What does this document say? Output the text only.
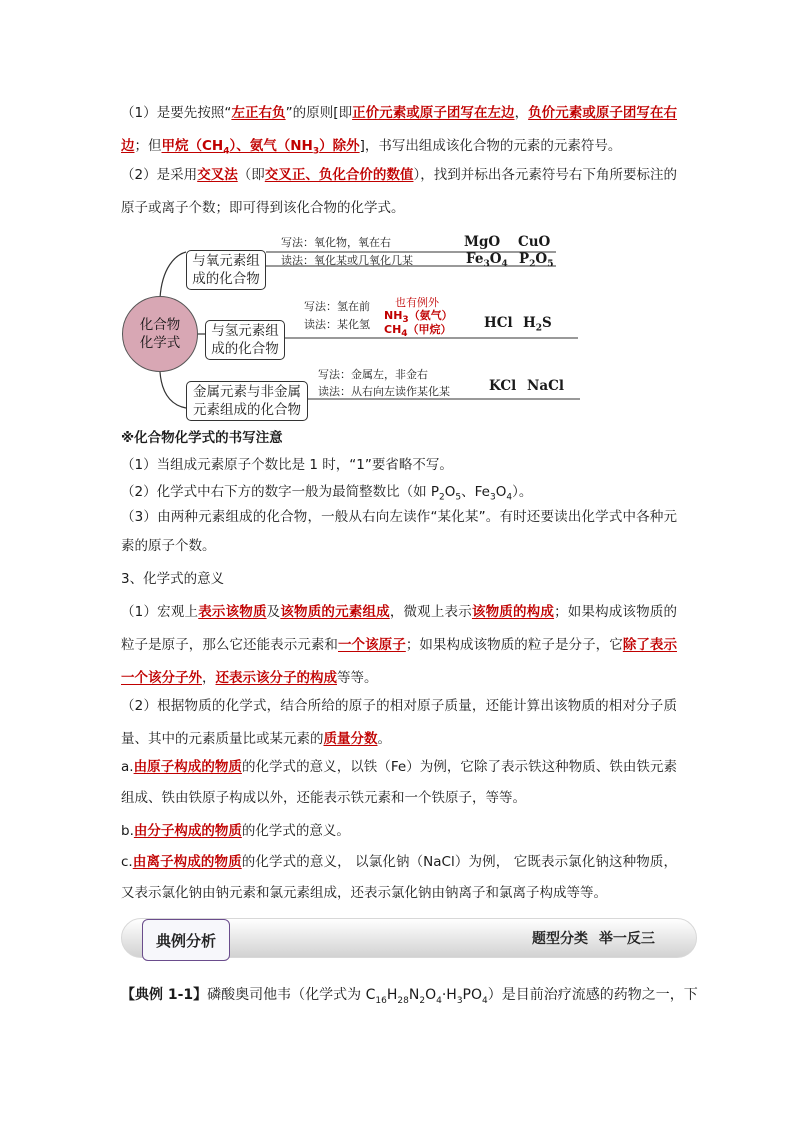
（1）是要先按照“左正右负”的原则[即正价元素或原子团写在左边，负价元素或原子团写在右边；但甲烷$(CH_4)$、氨气$(NH_3)$除外]，书写出组成该化合物的元素的元素符号。

（2）是采用交叉法（即交叉正、负化合价的数值），找到并标出各元素符号右下角所要标注的原子或离子个数；即可得到该化合物的化学式。

化合物
化学式
与氧元素组
成的化合物
写法：氧化物，氧在右
读法：氧化某或几氧化几某
MgO CuO
$Fe_3O_4$ $P_2O_5$
与氢元素组
成的化合物
写法：氢在前
读法：某化氢
也有例外
$NH_3$（氨气）
$CH_4$（甲烷） HCl $H_2S$
金属元素与非金属
元素组成的化合物
写法：金属左，非金右
读法：从右向左读作某化某	KCl NaCl
※化合物化学式的书写注意
（1）当组成元素原子个数比是 1 时，“1”要省略不写。
（2）化学式中右下方的数字一般为最简整数比（如 $P_2O_5$、$Fe_3O_4$）。

（3）由两种元素组成的化合物，一般从右向左读作“某化某”。有时还要读出化学式中各种元素的原子个数。

3、化学式的意义

（1）宏观上表示该物质及该物质的元素组成，微观上表示该物质的构成；如果构成该物质的粒子是原子，那么它还能表示元素和一个该原子；如果构成该物质的粒子是分子，它除了表示一个该分子外，还表示该分子的构成等等。

（2）根据物质的化学式，结合所给的原子的相对原子质量，还能计算出该物质的相对分子质量、其中的元素质量比或某元素的质量分数。

a.由原子构成的物质的化学式的意义，以铁（Fe）为例，它除了表示铁这种物质、铁由铁元素组成、铁由铁原子构成以外，还能表示铁元素和一个铁原子，等等。

b.由分子构成的物质的化学式的意义。

c.由离子构成的物质的化学式的意义， 以氯化钠（NaCl）为例， 它既表示氯化钠这种物质，又表示氯化钠由钠元素和氯元素组成，还表示氯化钠由钠离子和氯离子构成等等。

典例分析	题型分类 举一反三
【典例 1-1】磷酸奥司他韦（化学式为 $C_{16}H_{28}N_2O_4\cdot H_3PO_4$）是目前治疗流感的药物之一，下
